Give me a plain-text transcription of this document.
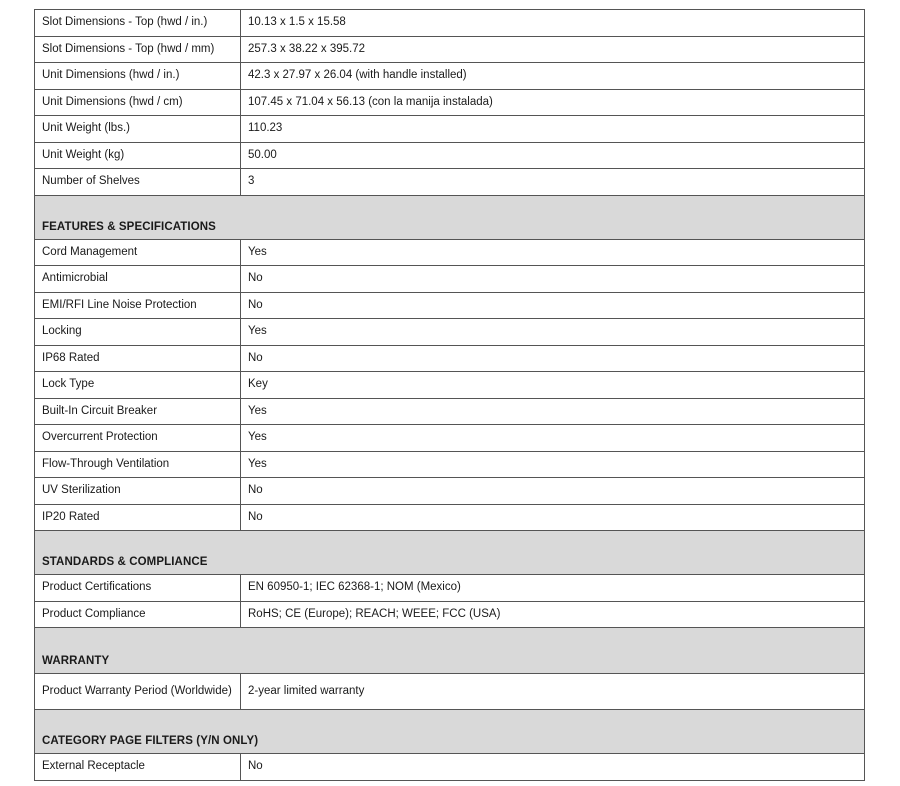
Slot Dimensions - Top (hwd / in.)	10.13 x 1.5 x 15.58
Slot Dimensions - Top (hwd / mm)	257.3 x 38.22 x 395.72
Unit Dimensions (hwd / in.)	42.3 x 27.97 x 26.04 (with handle installed)
Unit Dimensions (hwd / cm)	107.45 x 71.04 x 56.13 (con la manija instalada)
Unit Weight (lbs.)	110.23
Unit Weight (kg)	50.00
Number of Shelves	3
FEATURES & SPECIFICATIONS	
Cord Management	Yes
Antimicrobial	No
EMI/RFI Line Noise Protection	No
Locking	Yes
IP68 Rated	No
Lock Type	Key
Built-In Circuit Breaker	Yes
Overcurrent Protection	Yes
Flow-Through Ventilation	Yes
UV Sterilization	No
IP20 Rated	No
STANDARDS & COMPLIANCE	
Product Certifications	EN 60950-1; IEC 62368-1; NOM (Mexico)
Product Compliance	RoHS; CE (Europe); REACH; WEEE; FCC (USA)
WARRANTY	
Product Warranty Period (Worldwide)	2-year limited warranty
CATEGORY PAGE FILTERS (Y/N ONLY)	
External Receptacle	No
